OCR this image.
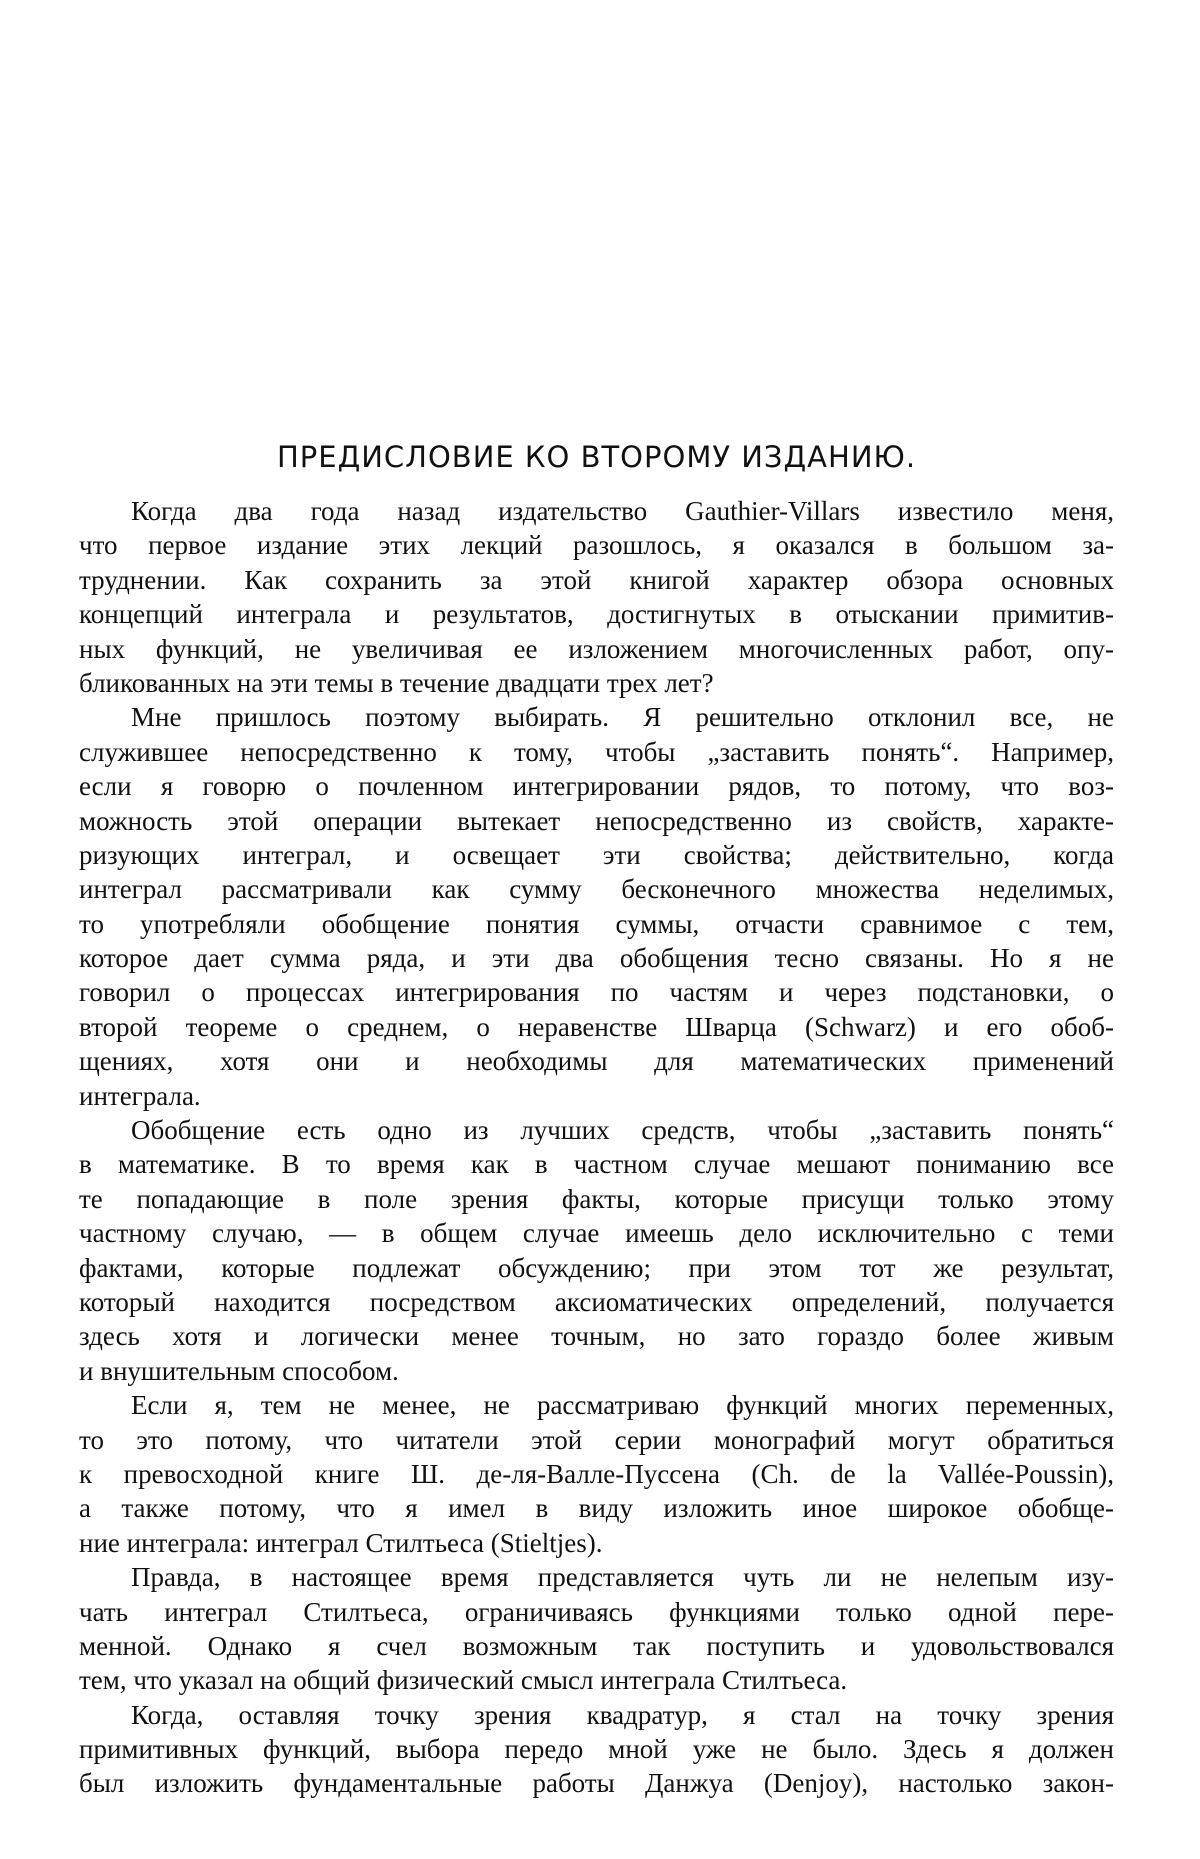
ПРЕДИСЛОВИЕ КО ВТОРОМУ ИЗДАНИЮ.
Когда два года назад издательство Gauthier-Villars известило меня,
что первое издание этих лекций разошлось, я оказался в большом за-
труднении. Как сохранить за этой книгой характер обзора основных
концепций интеграла и результатов, достигнутых в отыскании примитив-
ных функций, не увеличивая ее изложением многочисленных работ, опу-
бликованных на эти темы в течение двадцати трех лет?
Мне пришлось поэтому выбирать. Я решительно отклонил все, не
служившее непосредственно к тому, чтобы „заставить понять“. Например,
если я говорю о почленном интегрировании рядов, то потому, что воз-
можность этой операции вытекает непосредственно из свойств, характе-
ризующих интеграл, и освещает эти свойства; действительно, когда
интеграл рассматривали как сумму бесконечного множества неделимых,
то употребляли обобщение понятия суммы, отчасти сравнимое с тем,
которое дает сумма ряда, и эти два обобщения тесно связаны. Но я не
говорил о процессах интегрирования по частям и через подстановки, о
второй теореме о среднем, о неравенстве Шварца (Schwarz) и его обоб-
щениях, хотя они и необходимы для математических применений
интеграла.
Обобщение есть одно из лучших средств, чтобы „заставить понять“
в математике. В то время как в частном случае мешают пониманию все
те попадающие в поле зрения факты, которые присущи только этому
частному случаю, — в общем случае имеешь дело исключительно с теми
фактами, которые подлежат обсуждению; при этом тот же результат,
который находится посредством аксиоматических определений, получается
здесь хотя и логически менее точным, но зато гораздо более живым
и внушительным способом.
Если я, тем не менее, не рассматриваю функций многих переменных,
то это потому, что читатели этой серии монографий могут обратиться
к превосходной книге Ш. де-ля-Валле-Пуссена (Ch. de la Vallée-Poussin),
а также потому, что я имел в виду изложить иное широкое обобще-
ние интеграла: интеграл Стилтьеса (Stieltjes).
Правда, в настоящее время представляется чуть ли не нелепым изу-
чать интеграл Стилтьеса, ограничиваясь функциями только одной пере-
менной. Однако я счел возможным так поступить и удовольствовался
тем, что указал на общий физический смысл интеграла Стилтьеса.
Когда, оставляя точку зрения квадратур, я стал на точку зрения
примитивных функций, выбора передо мной уже не было. Здесь я должен
был изложить фундаментальные работы Данжуа (Denjoy), настолько закон-
